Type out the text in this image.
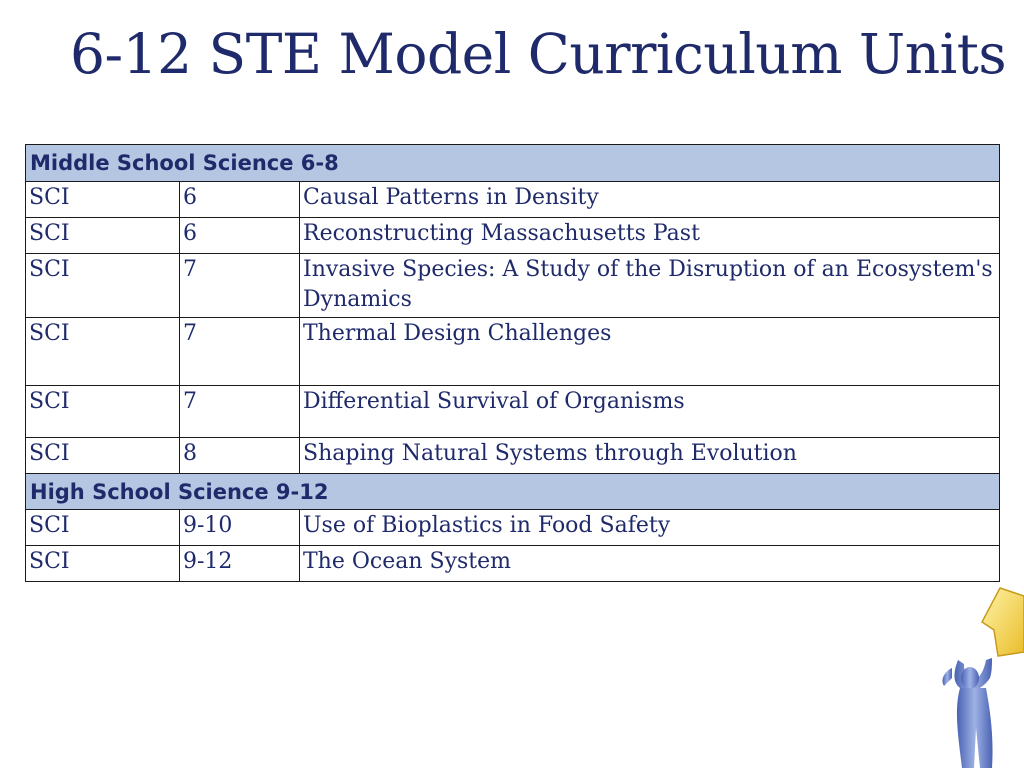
6-12 STE Model Curriculum Units
Middle School Science 6-8		
SCI	6	Causal Patterns in Density
SCI	6	Reconstructing Massachusetts Past
SCI	7	Invasive Species: A Study of the Disruption of an Ecosystem's Dynamics
SCI	7	Thermal Design Challenges
SCI	7	Differential Survival of Organisms
SCI	8	Shaping Natural Systems through Evolution
High School Science 9-12		
SCI	9-10	Use of Bioplastics in Food Safety
SCI	9-12	The Ocean System
